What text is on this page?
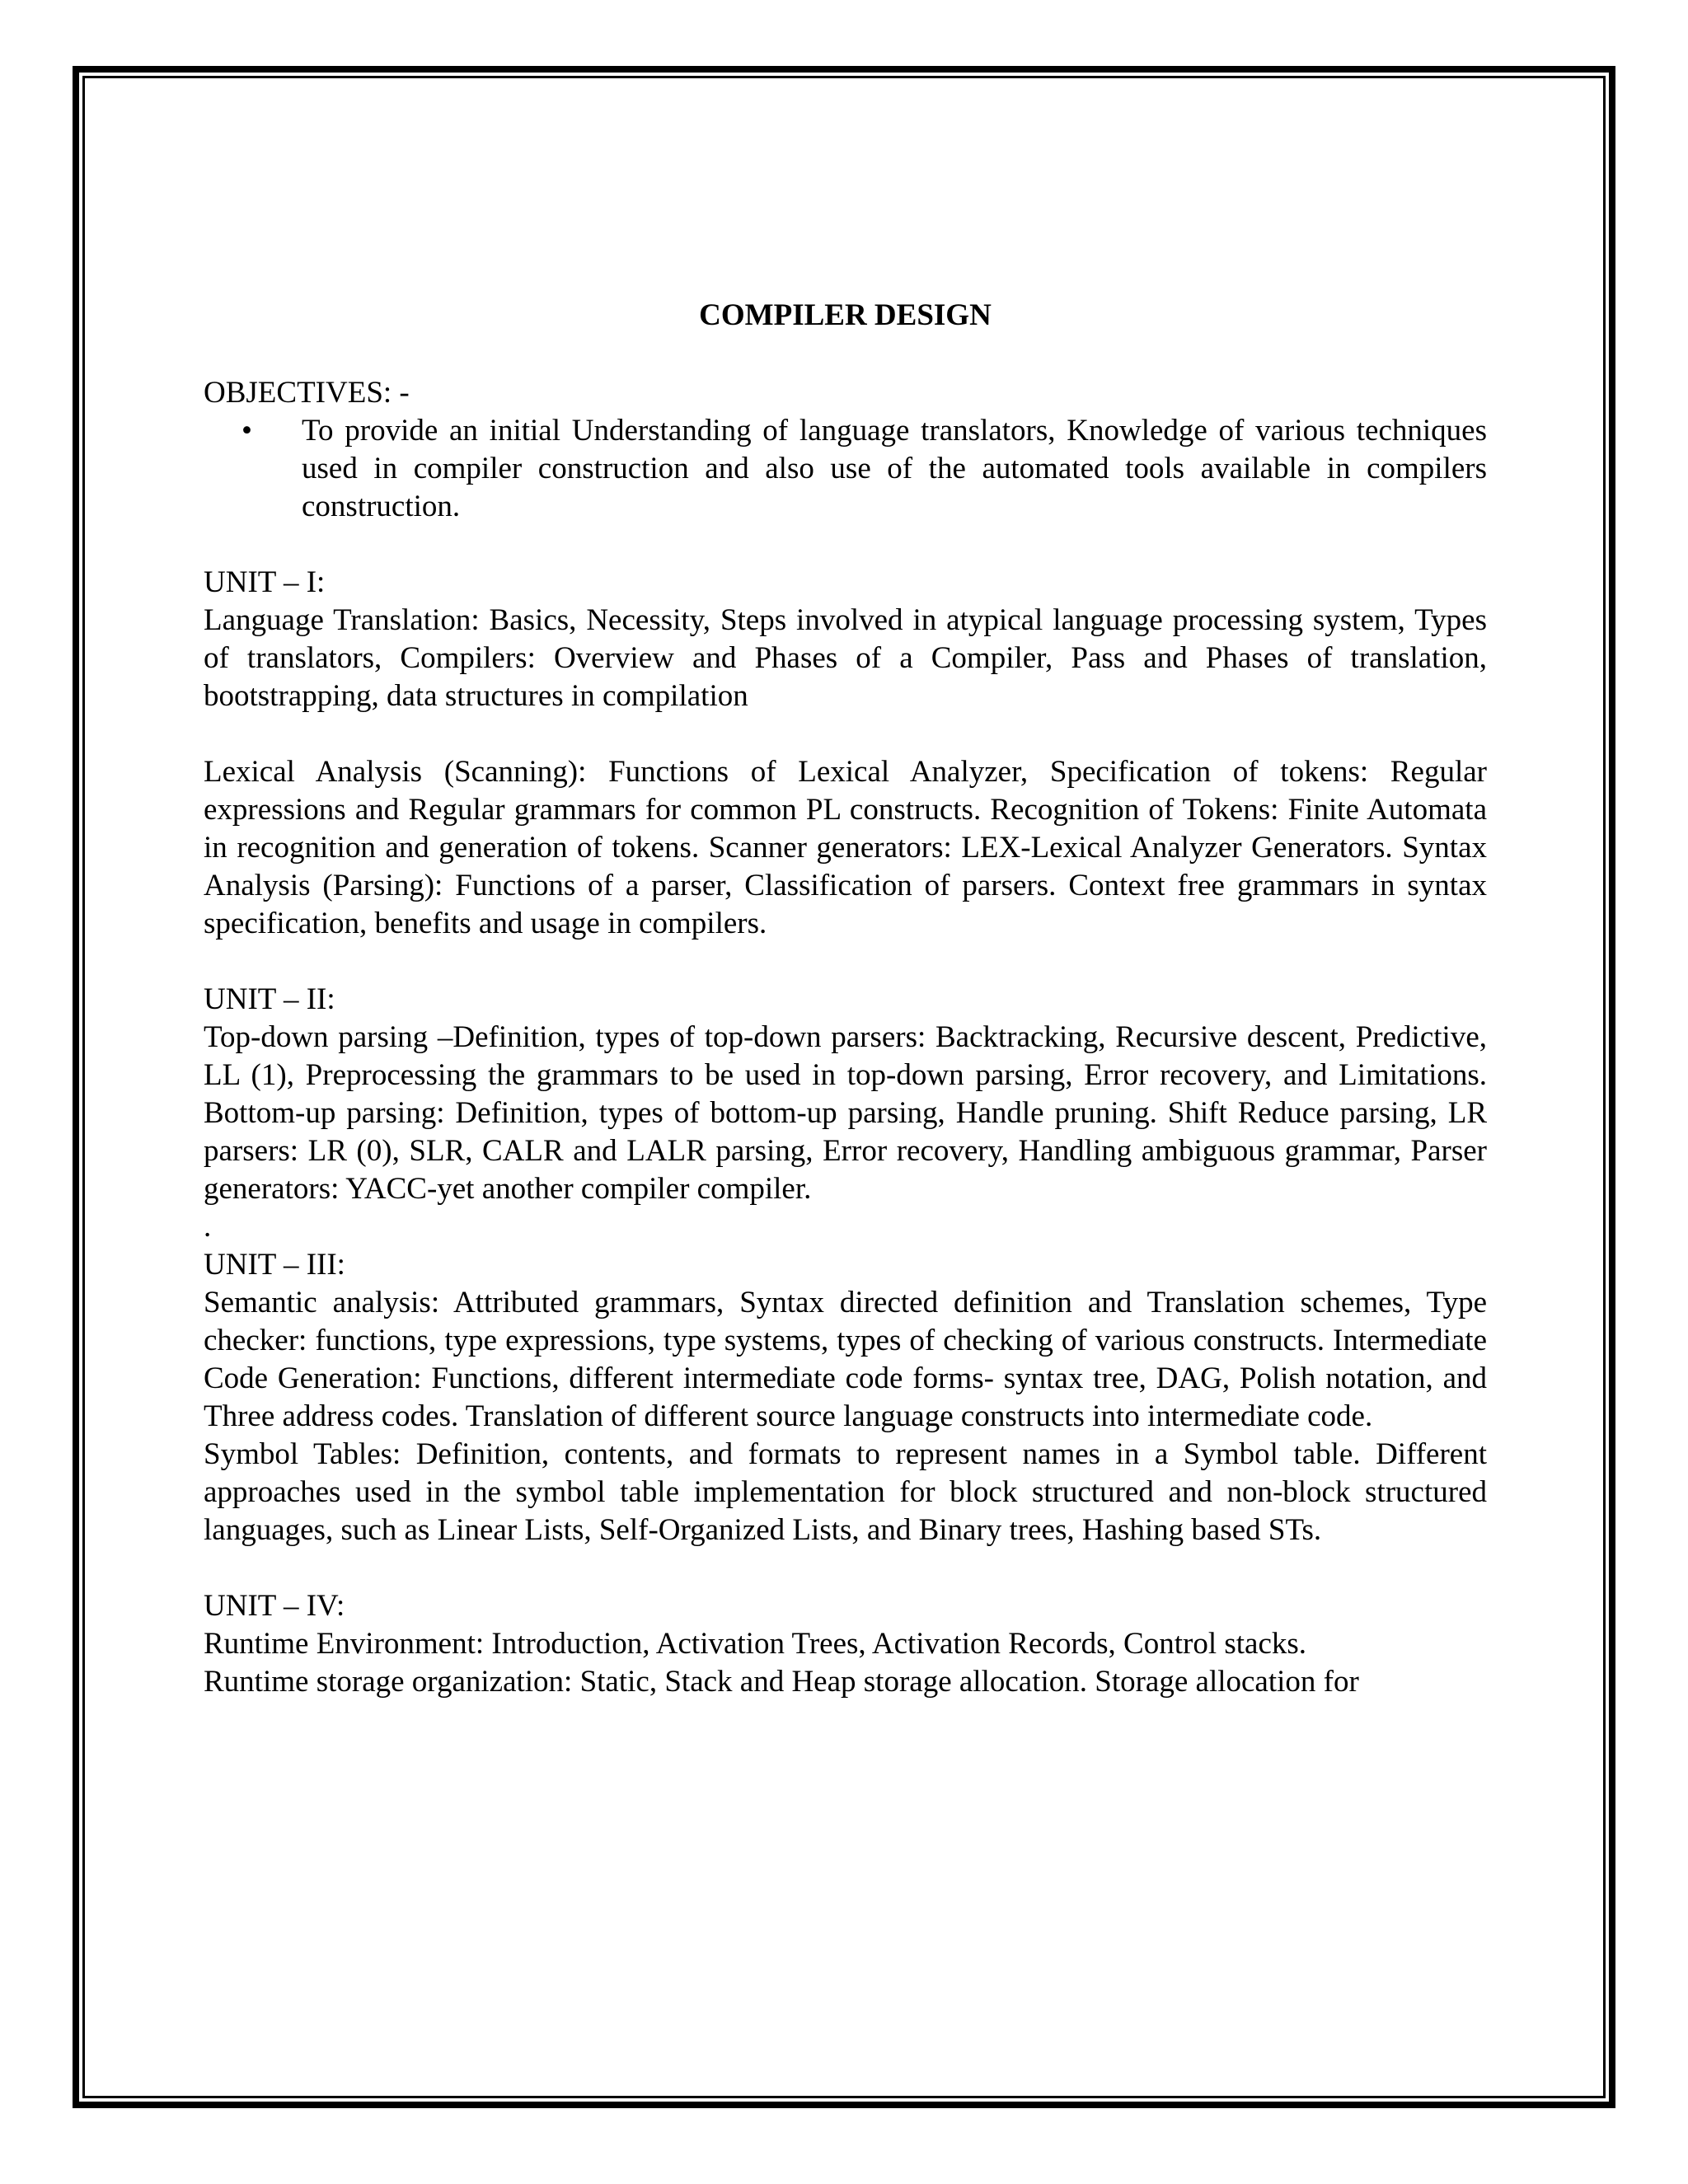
COMPILER DESIGN

OBJECTIVES: -

• To provide an initial Understanding of language translators, Knowledge of various techniques used in compiler construction and also use of the automated tools available in compilers construction.

UNIT – I:

Language Translation: Basics, Necessity, Steps involved in atypical language processing system, Types of translators, Compilers: Overview and Phases of a Compiler, Pass and Phases of translation, bootstrapping, data structures in compilation

Lexical Analysis (Scanning): Functions of Lexical Analyzer, Specification of tokens: Regular expressions and Regular grammars for common PL constructs. Recognition of Tokens: Finite Automata in recognition and generation of tokens. Scanner generators: LEX-Lexical Analyzer Generators. Syntax Analysis (Parsing): Functions of a parser, Classification of parsers. Context free grammars in syntax specification, benefits and usage in compilers.

UNIT – II:

Top-down parsing –Definition, types of top-down parsers: Backtracking, Recursive descent, Predictive, LL (1), Preprocessing the grammars to be used in top-down parsing, Error recovery, and Limitations. Bottom-up parsing: Definition, types of bottom-up parsing, Handle pruning. Shift Reduce parsing, LR parsers: LR (0), SLR, CALR and LALR parsing, Error recovery, Handling ambiguous grammar, Parser generators: YACC-yet another compiler compiler.

.

UNIT – III:

Semantic analysis: Attributed grammars, Syntax directed definition and Translation schemes, Type checker: functions, type expressions, type systems, types of checking of various constructs. Intermediate Code Generation: Functions, different intermediate code forms- syntax tree, DAG, Polish notation, and Three address codes. Translation of different source language constructs into intermediate code.

Symbol Tables: Definition, contents, and formats to represent names in a Symbol table. Different approaches used in the symbol table implementation for block structured and non-block structured languages, such as Linear Lists, Self-Organized Lists, and Binary trees, Hashing based STs.

UNIT – IV:

Runtime Environment: Introduction, Activation Trees, Activation Records, Control stacks.

Runtime storage organization: Static, Stack and Heap storage allocation. Storage allocation for
